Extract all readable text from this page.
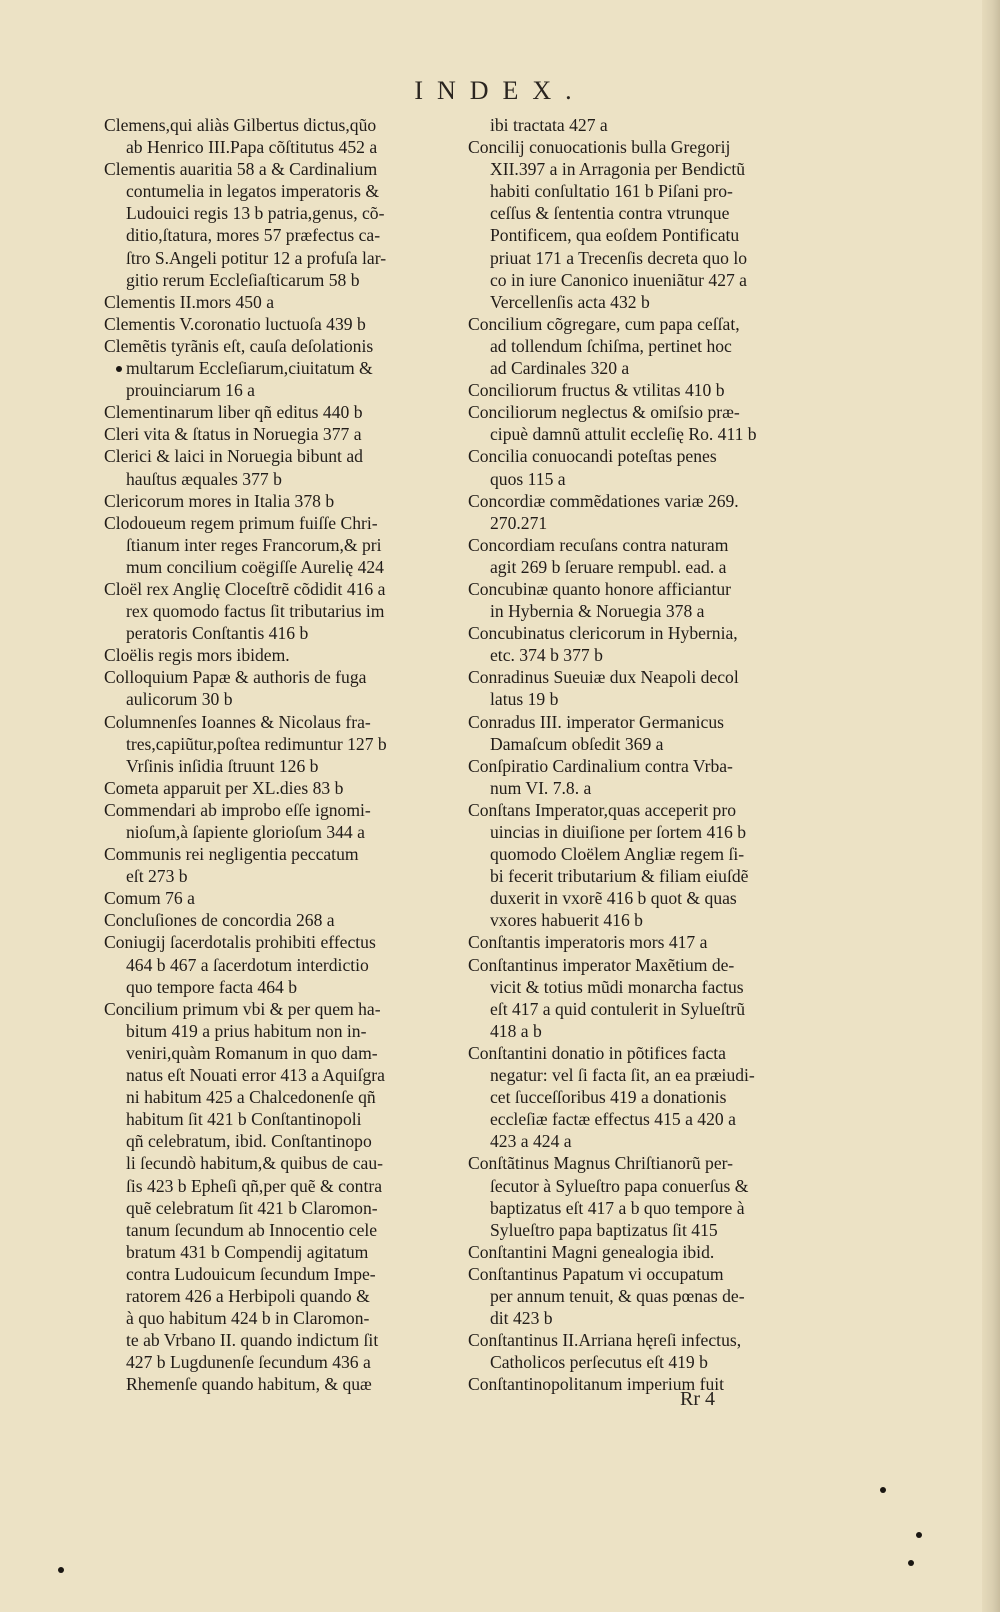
INDEX.
Clemens,qui aliàs Gilbertus dictus,qũo
ab Henrico III.Papa cõſtitutus 452 a
Clementis auaritia 58 a & Cardinalium
contumelia in legatos imperatoris &
Ludouici regis 13 b patria,genus, cõ-
ditio,ſtatura, mores 57 præfectus ca-
ſtro S.Angeli potitur 12 a profuſa lar-
gitio rerum Eccleſiaſticarum 58 b
Clementis II.mors 450 a
Clementis V.coronatio luctuoſa 439 b
Clemẽtis tyrãnis eſt, cauſa deſolationis
multarum Eccleſiarum,ciuitatum &
prouinciarum 16 a
Clementinarum liber qñ editus 440 b
Cleri vita & ſtatus in Noruegia 377 a
Clerici & laici in Noruegia bibunt ad
hauſtus æquales 377 b
Clericorum mores in Italia 378 b
Clodoueum regem primum fuiſſe Chri-
ſtianum inter reges Francorum,& pri
mum concilium coëgiſſe Aurelię 424
Cloël rex Anglię Cloceſtrẽ cõdidit 416 a
rex quomodo factus ſit tributarius im
peratoris Conſtantis 416 b
Cloëlis regis mors ibidem.
Colloquium Papæ & authoris de fuga
aulicorum 30 b
Columnenſes Ioannes & Nicolaus fra-
tres,capiũtur,poſtea redimuntur 127 b
Vrſinis inſidia ſtruunt 126 b
Cometa apparuit per XL.dies 83 b
Commendari ab improbo eſſe ignomi-
nioſum,à ſapiente glorioſum 344 a
Communis rei negligentia peccatum
eſt 273 b
Comum 76 a
Concluſiones de concordia 268 a
Coniugij ſacerdotalis prohibiti effectus
464 b 467 a ſacerdotum interdictio
quo tempore facta 464 b
Concilium primum vbi & per quem ha-
bitum 419 a prius habitum non in-
veniri,quàm Romanum in quo dam-
natus eſt Nouati error 413 a Aquiſgra
ni habitum 425 a Chalcedonenſe qñ
habitum ſit 421 b Conſtantinopoli
qñ celebratum, ibid. Conſtantinopo
li ſecundò habitum,& quibus de cau-
ſis 423 b Epheſi qñ,per quẽ & contra
quẽ celebratum ſit 421 b Claromon-
tanum ſecundum ab Innocentio cele
bratum 431 b Compendij agitatum
contra Ludouicum ſecundum Impe-
ratorem 426 a Herbipoli quando &
à quo habitum 424 b in Claromon-
te ab Vrbano II. quando indictum ſit
427 b Lugdunenſe ſecundum 436 a
Rhemenſe quando habitum, & quæ
ibi tractata 427 a
Concilij conuocationis bulla Gregorij
XII.397 a in Arragonia per Bendictũ
habiti conſultatio 161 b Piſani pro-
ceſſus & ſententia contra vtrunque
Pontificem, qua eoſdem Pontificatu
priuat 171 a Trecenſis decreta quo lo
co in iure Canonico inueniãtur 427 a
Vercellenſis acta 432 b
Concilium cõgregare, cum papa ceſſat,
ad tollendum ſchiſma, pertinet hoc
ad Cardinales 320 a
Conciliorum fructus & vtilitas 410 b
Conciliorum neglectus & omiſsio præ-
cipuè damnũ attulit eccleſię Ro. 411 b
Concilia conuocandi poteſtas penes
quos 115 a
Concordiæ commẽdationes variæ 269.
270.271
Concordiam recuſans contra naturam
agit 269 b ſeruare rempubl. ead. a
Concubinæ quanto honore afficiantur
in Hybernia & Noruegia 378 a
Concubinatus clericorum in Hybernia,
etc. 374 b 377 b
Conradinus Sueuiæ dux Neapoli decol
latus 19 b
Conradus III. imperator Germanicus
Damaſcum obſedit 369 a
Conſpiratio Cardinalium contra Vrba-
num VI. 7.8. a
Conſtans Imperator,quas acceperit pro
uincias in diuiſione per ſortem 416 b
quomodo Cloëlem Angliæ regem ſi-
bi fecerit tributarium & filiam eiuſdẽ
duxerit in vxorẽ 416 b quot & quas
vxores habuerit 416 b
Conſtantis imperatoris mors 417 a
Conſtantinus imperator Maxẽtium de-
vicit & totius mũdi monarcha factus
eſt 417 a quid contulerit in Sylueſtrũ
418 a b
Conſtantini donatio in põtifices facta
negatur: vel ſi facta ſit, an ea præiudi-
cet ſucceſſoribus 419 a donationis
eccleſiæ factæ effectus 415 a 420 a
423 a 424 a
Conſtãtinus Magnus Chriſtianorũ per-
ſecutor à Sylueſtro papa conuerſus &
baptizatus eſt 417 a b quo tempore à
Sylueſtro papa baptizatus ſit 415
Conſtantini Magni genealogia ibid.
Conſtantinus Papatum vi occupatum
per annum tenuit, & quas pœnas de-
dit 423 b
Conſtantinus II.Arriana hęreſi infectus,
Catholicos perſecutus eſt 419 b
Conſtantinopolitanum imperium fuit
Rr 4
